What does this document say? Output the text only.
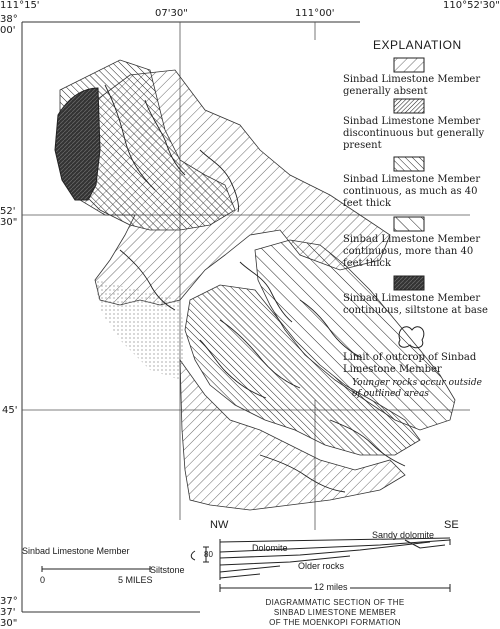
111°15'
07'30"	111°00'
110°52'30"
38°
00'
52'
30"
45'
37°
37'
30"
EXPLANATION
Sinbad Limestone Member generally absent
Sinbad Limestone Member discontinuous but generally present
Sinbad Limestone Member continuous, as much as 40 feet thick
Sinbad Limestone Member continuous, more than 40 feet thick
Sinbad Limestone Member continuous, siltstone at base
Limit of outcrop of Sinbad Limestone Member
Younger rocks occur outside of outlined areas
0	5 MILES
NW	SE
Sinbad Limestone Member	80
Dolomite
Sandy dolomite
Siltstone	Older rocks
12 miles
DIAGRAMMATIC SECTION OF THE
SINBAD LIMESTONE MEMBER
OF THE MOENKOPI FORMATION
